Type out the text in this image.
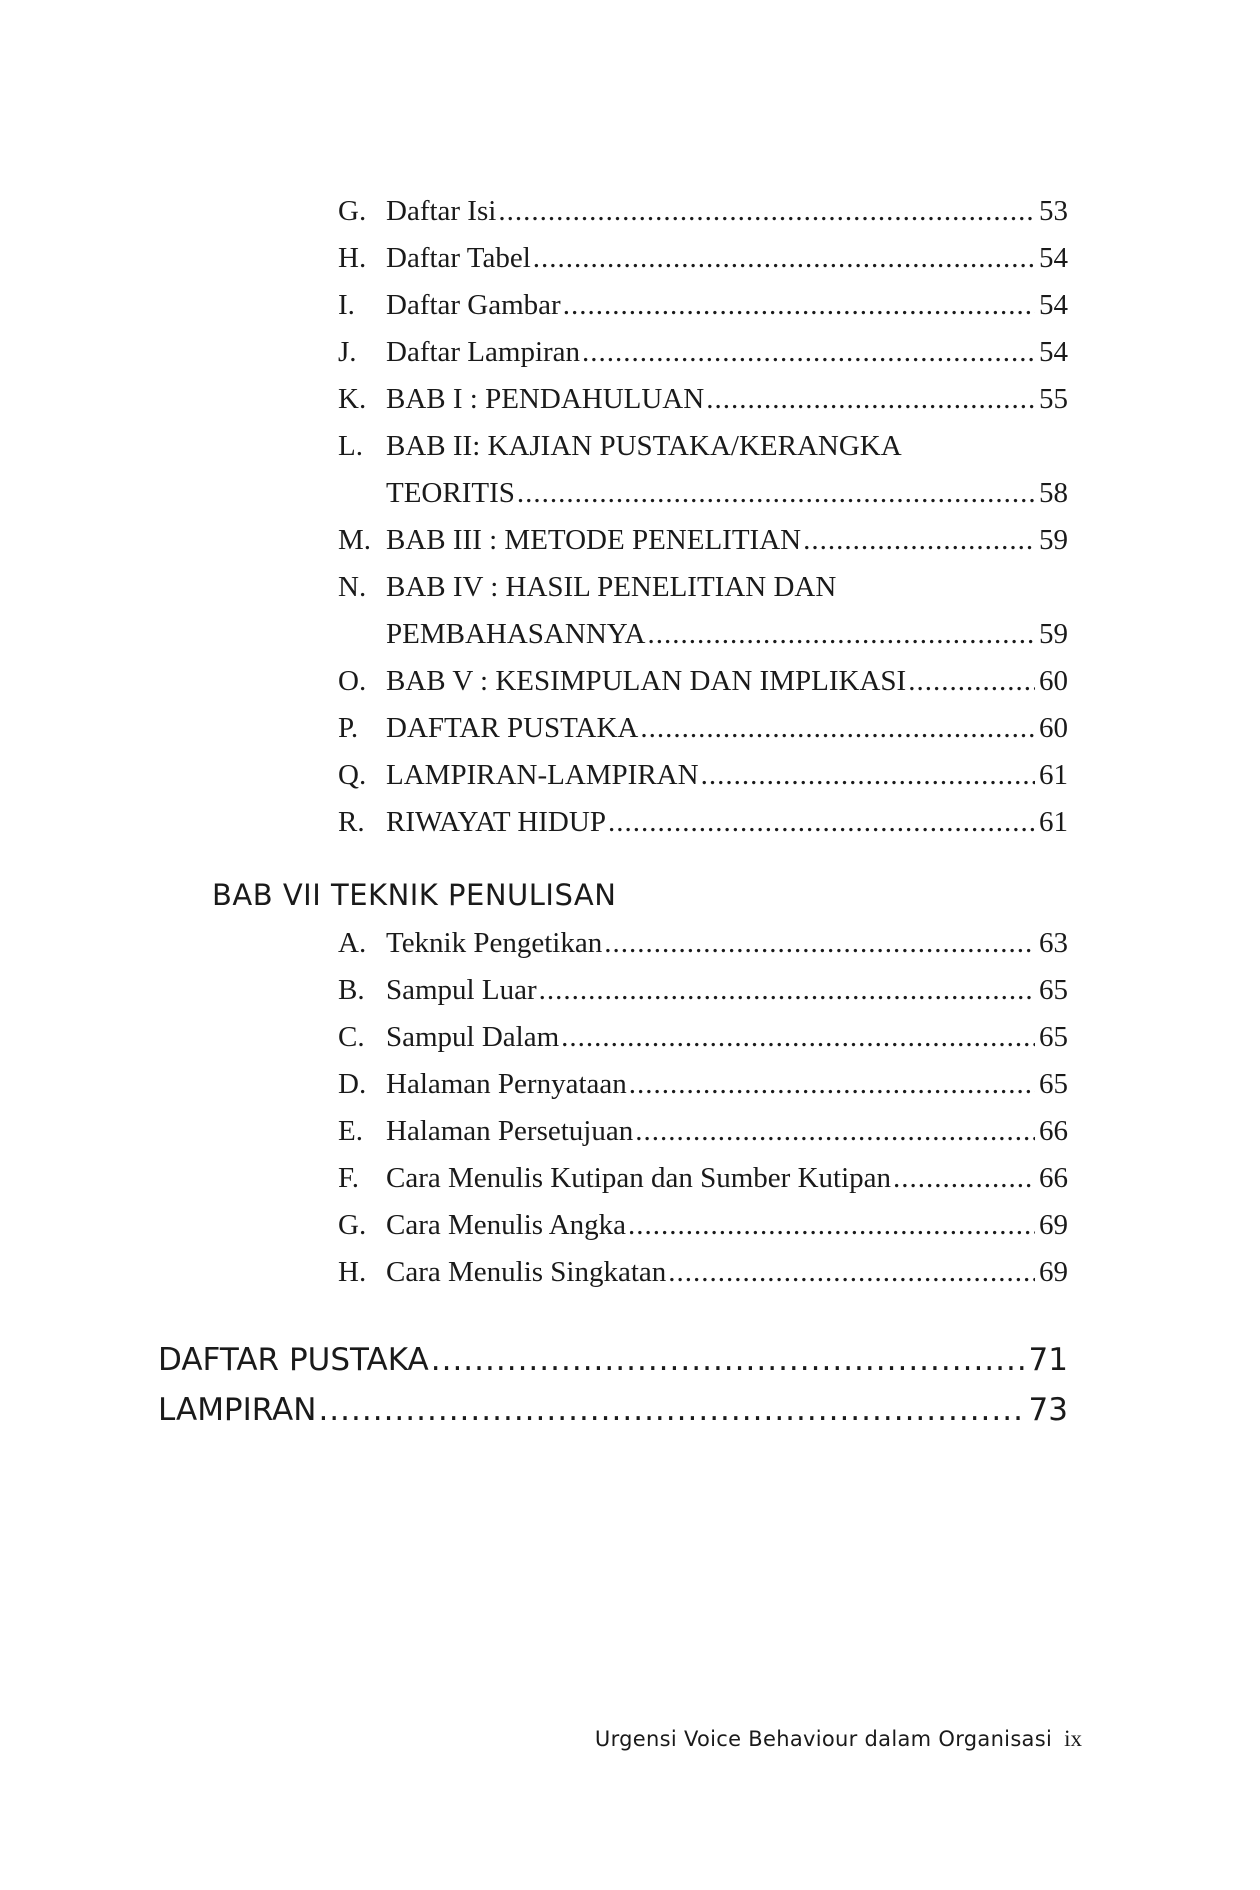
G. Daftar Isi .....	53
H. Daftar Tabel .....	54
I. Daftar Gambar .....	54
J. Daftar Lampiran .....	54
K. BAB I : PENDAHULUAN .....	55
L. BAB II: KAJIAN PUSTAKA/KERANGKA
TEORITIS .....	58
M. BAB III : METODE PENELITIAN .....	59
N. BAB IV : HASIL PENELITIAN DAN
PEMBAHASANNYA .....	59
O. BAB V : KESIMPULAN DAN IMPLIKASI .....	60
P. DAFTAR PUSTAKA .....	60
Q. LAMPIRAN-LAMPIRAN .....	61
R. RIWAYAT HIDUP .....	61
BAB VII TEKNIK PENULISAN
A. Teknik Pengetikan .....	63
B. Sampul Luar .....	65
C. Sampul Dalam .....	65
D. Halaman Pernyataan .....	65
E. Halaman Persetujuan .....	66
F. Cara Menulis Kutipan dan Sumber Kutipan .....	66
G. Cara Menulis Angka .....	69
H. Cara Menulis Singkatan .....	69
DAFTAR PUSTAKA .....	71
LAMPIRAN .....	73
Urgensi Voice Behaviour dalam Organisasi ix
